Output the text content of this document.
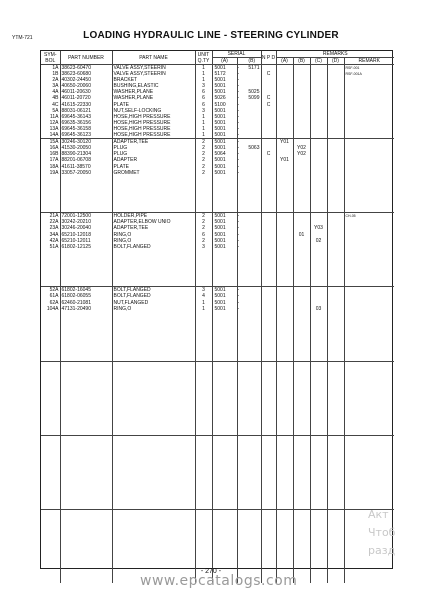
YTM-721	LOADING HYDRAULIC LINE - STEERING CYLINDER
SYM-
BOL	PART NUMBER	PART NAME	UNIT
Q.TY	SERIAL			N P D	REMARKS				
				(A)		(B)		(A)	(B)	(C)	(D)	REMARK
1A	38623-60470	VALVE ASSY,STEERIN	1	5001	-	5171						RSF-001
1B	38623-60680	VALVE ASSY,STEERIN	1	5172	-		C					RSF-001A
2A	40302-24450	BRACKET	1	5001	-							
3A	40650-20060	BUSHING,ELASTIC	3	5001	-							
4A	46011-20630	WASHER,PLANE	6	5001	-	5025						
4B	46011-20720	WASHER,PLANE	6	5026	-	5099	C					
4C	41615-22330	PLATE	6	5100	-		C					
5A	88031-06121	NUT,SELF-LOCKING	3	5001	-							
11A	69645-36143	HOSE,HIGH PRESSURE	1	5001	-							
12A	69635-36156	HOSE,HIGH PRESSURE	1	5001	-							
13A	69645-36158	HOSE,HIGH PRESSURE	1	5001	-							
14A	69645-36123	HOSE,HIGH PRESSURE	1	5001	-							
15A	30246-30120	ADAPTER,TEE	2	5001	-			Y01				
16A	41530-20050	PLUG	2	5001	-	5063			Y02			
16B	88390-21304	PLUG	2	5064	-		C		Y02			
17A	88201-06708	ADAPTER	2	5001	-			Y01				
18A	41611-38570	PLATE	2	5001	-							
19A	33057-20050	GROMMET	2	5001	-							

21A	72001-12500	HOLDER,PIPE	2	5001	-							CH-05
22A	30242-20210	ADAPTER,ELBOW UNIO	2	5001	-							
23A	30246-20040	ADAPTER,TEE	2	5001	-					Y03		
34A	65210-12018	RING,O	6	5001	-				01			
42A	65210-12011	RING,O	2	5001	-					02		
51A	61802-12125	BOLT,FLANGED	3	5001	-							

52A	61802-16045	BOLT,FLANGED	3	5001	-							
61A	61802-06055	BOLT,FLANGED	4	5001	-							
62A	62460-21081	NUT,FLANGED	1	5001	-							
104A	47131-20490	RING,O	1	5001	-					03		

- 270 -
www.epcatalogs.com
Акт
Чтоб
разд
